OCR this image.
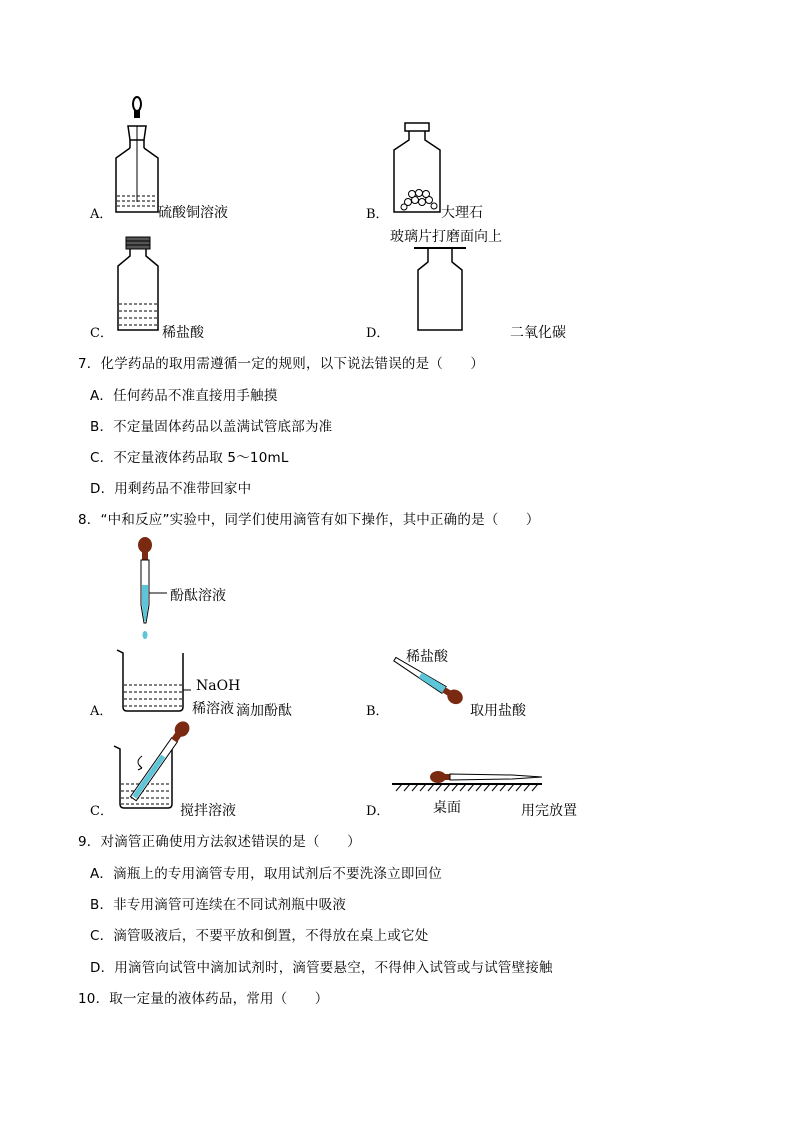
A．	硫酸铜溶液	B．	大理石
玻璃片打磨面向上
C．	稀盐酸	D．	二氧化碳
7．化学药品的取用需遵循一定的规则，以下说法错误的是（　　）
A．任何药品不准直接用手触摸
B．不定量固体药品以盖满试管底部为准
C．不定量液体药品取 5～10mL
D．用剩药品不准带回家中
8．“中和反应”实验中，同学们使用滴管有如下操作，其中正确的是（　　）
酚酞溶液
NaOH
稀溶液 滴加酚酞
A．
稀盐酸
取用盐酸
B．
C．	搅拌溶液	D．	桌面	用完放置
9．对滴管正确使用方法叙述错误的是（　　）
A．滴瓶上的专用滴管专用，取用试剂后不要洗涤立即回位
B．非专用滴管可连续在不同试剂瓶中吸液
C．滴管吸液后，不要平放和倒置，不得放在桌上或它处
D．用滴管向试管中滴加试剂时，滴管要悬空，不得伸入试管或与试管壁接触
10．取一定量的液体药品，常用（　　）
